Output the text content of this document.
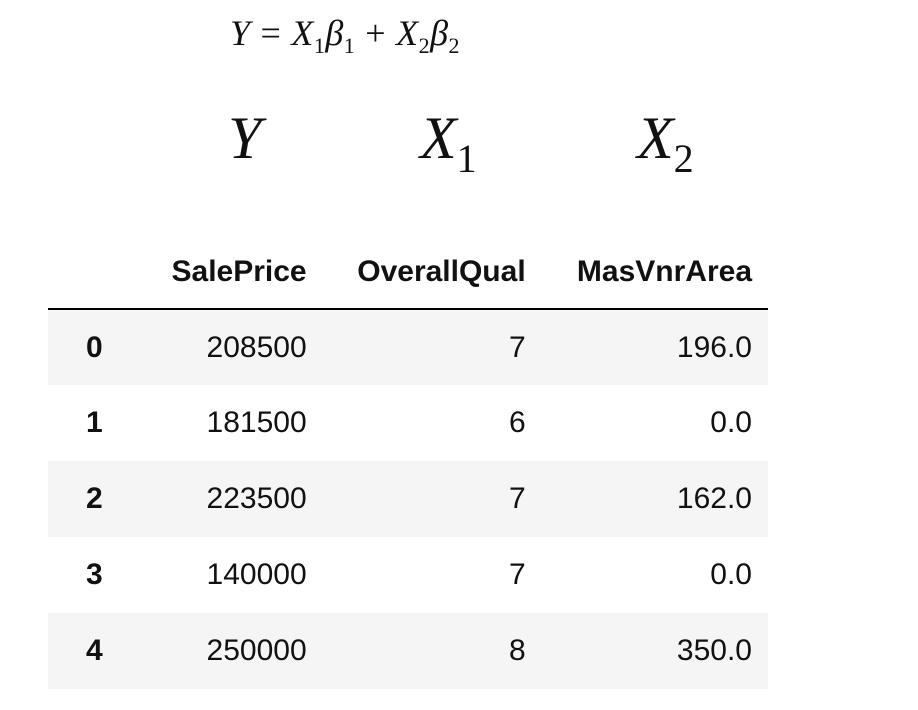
$Y = X_1\beta_1 + X_2\beta_2$
Y	$X_1$	$X_2$
	SalePrice	OverallQual	MasVnrArea
0	208500	7	196.0
1	181500	6	0.0
2	223500	7	162.0
3	140000	7	0.0
4	250000	8	350.0
